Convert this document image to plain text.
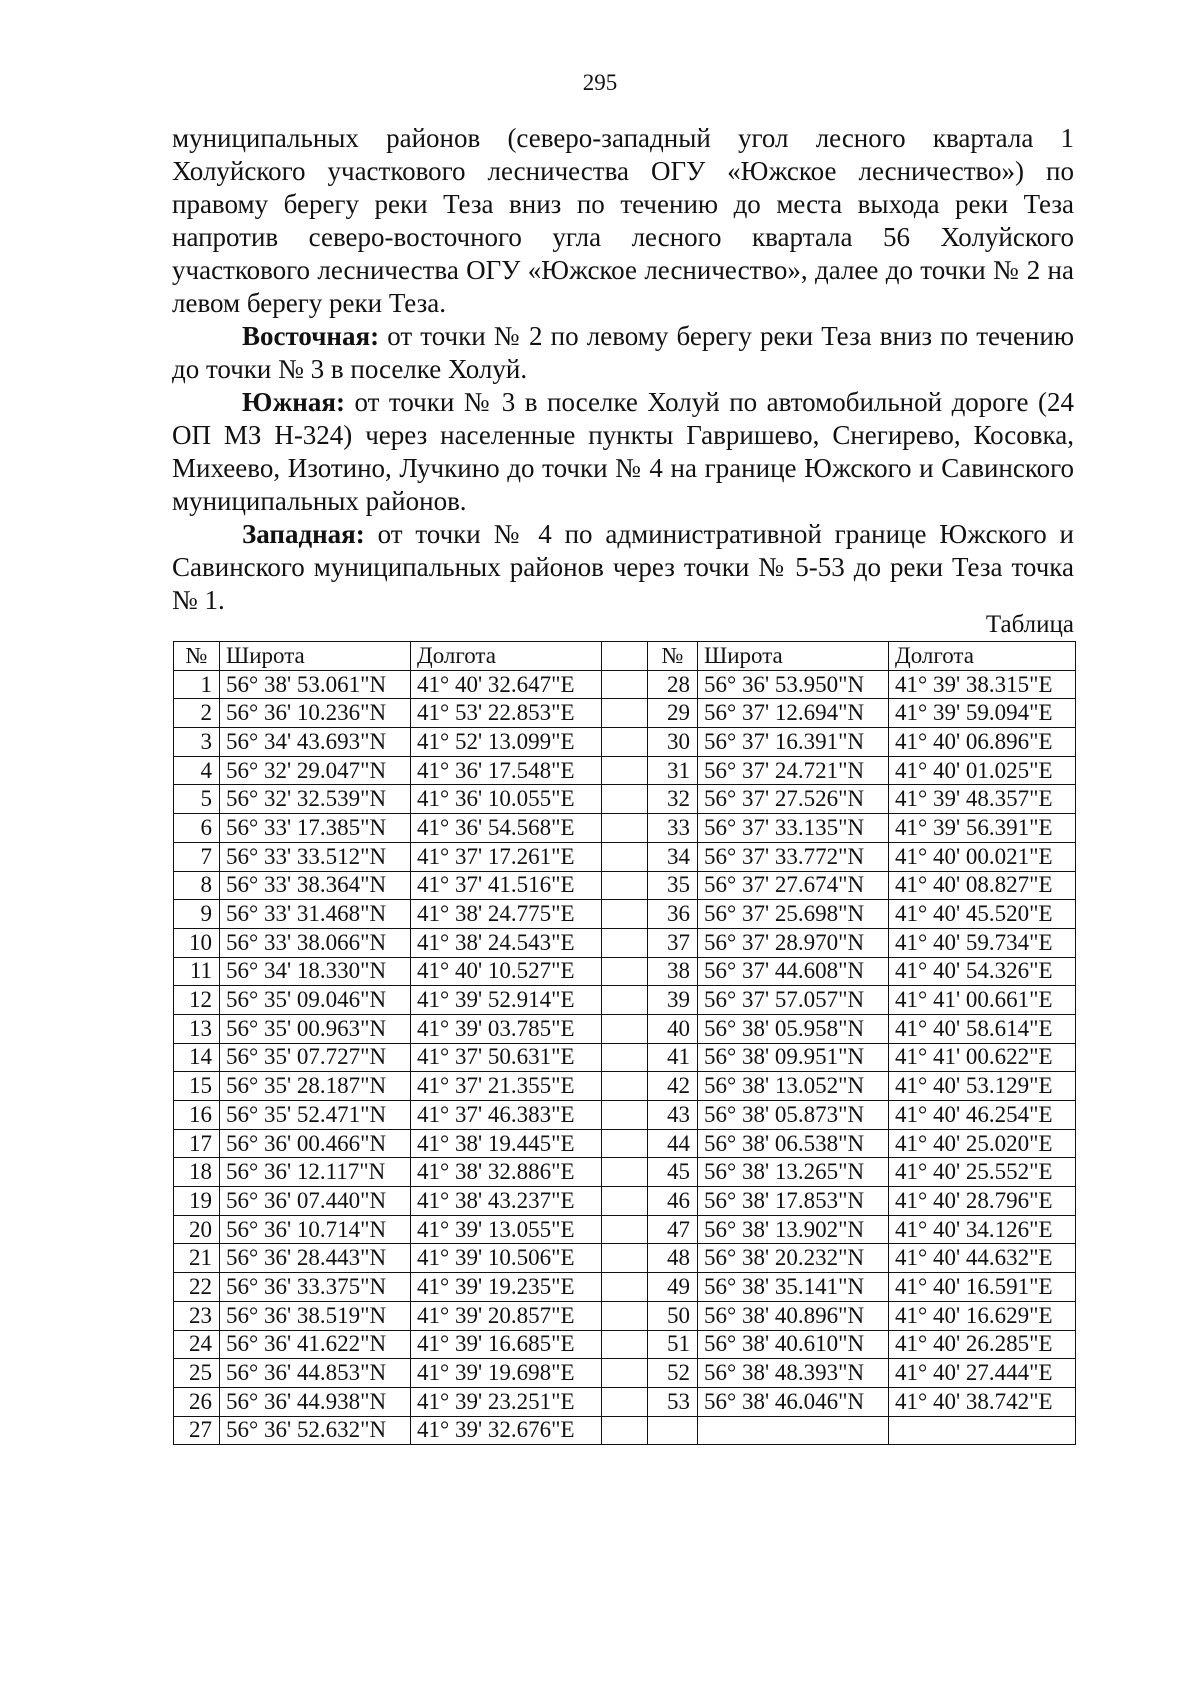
295

муниципальных районов (северо-западный угол лесного квартала 1 Холуйского участкового лесничества ОГУ «Южское лесничество») по правому берегу реки Теза вниз по течению до места выхода реки Теза напротив северо-восточного угла лесного квартала 56 Холуйского участкового лесничества ОГУ «Южское лесничество», далее до точки № 2 на левом берегу реки Теза.

Восточная: от точки № 2 по левому берегу реки Теза вниз по течению до точки № 3 в поселке Холуй.

Южная: от точки № 3 в поселке Холуй по автомобильной дороге (24 ОП МЗ Н-324) через населенные пункты Гавришево, Снегирево, Косовка, Михеево, Изотино, Лучкино до точки № 4 на границе Южского и Савинского муниципальных районов.

Западная: от точки № 4 по административной границе Южского и Савинского муниципальных районов через точки № 5-53 до реки Теза точка № 1.

Таблица
№	Широта	Долгота		№	Широта	Долгота
1	56° 38' 53.061"N	41° 40' 32.647"E		28	56° 36' 53.950"N	41° 39' 38.315"E
2	56° 36' 10.236"N	41° 53' 22.853"E		29	56° 37' 12.694"N	41° 39' 59.094"E
3	56° 34' 43.693"N	41° 52' 13.099"E		30	56° 37' 16.391"N	41° 40' 06.896"E
4	56° 32' 29.047"N	41° 36' 17.548"E		31	56° 37' 24.721"N	41° 40' 01.025"E
5	56° 32' 32.539"N	41° 36' 10.055"E		32	56° 37' 27.526"N	41° 39' 48.357"E
6	56° 33' 17.385"N	41° 36' 54.568"E		33	56° 37' 33.135"N	41° 39' 56.391"E
7	56° 33' 33.512"N	41° 37' 17.261"E		34	56° 37' 33.772"N	41° 40' 00.021"E
8	56° 33' 38.364"N	41° 37' 41.516"E		35	56° 37' 27.674"N	41° 40' 08.827"E
9	56° 33' 31.468"N	41° 38' 24.775"E		36	56° 37' 25.698"N	41° 40' 45.520"E
10	56° 33' 38.066"N	41° 38' 24.543"E		37	56° 37' 28.970"N	41° 40' 59.734"E
11	56° 34' 18.330"N	41° 40' 10.527"E		38	56° 37' 44.608"N	41° 40' 54.326"E
12	56° 35' 09.046"N	41° 39' 52.914"E		39	56° 37' 57.057"N	41° 41' 00.661"E
13	56° 35' 00.963"N	41° 39' 03.785"E		40	56° 38' 05.958"N	41° 40' 58.614"E
14	56° 35' 07.727"N	41° 37' 50.631"E		41	56° 38' 09.951"N	41° 41' 00.622"E
15	56° 35' 28.187"N	41° 37' 21.355"E		42	56° 38' 13.052"N	41° 40' 53.129"E
16	56° 35' 52.471"N	41° 37' 46.383"E		43	56° 38' 05.873"N	41° 40' 46.254"E
17	56° 36' 00.466"N	41° 38' 19.445"E		44	56° 38' 06.538"N	41° 40' 25.020"E
18	56° 36' 12.117"N	41° 38' 32.886"E		45	56° 38' 13.265"N	41° 40' 25.552"E
19	56° 36' 07.440"N	41° 38' 43.237"E		46	56° 38' 17.853"N	41° 40' 28.796"E
20	56° 36' 10.714"N	41° 39' 13.055"E		47	56° 38' 13.902"N	41° 40' 34.126"E
21	56° 36' 28.443"N	41° 39' 10.506"E		48	56° 38' 20.232"N	41° 40' 44.632"E
22	56° 36' 33.375"N	41° 39' 19.235"E		49	56° 38' 35.141"N	41° 40' 16.591"E
23	56° 36' 38.519"N	41° 39' 20.857"E		50	56° 38' 40.896"N	41° 40' 16.629"E
24	56° 36' 41.622"N	41° 39' 16.685"E		51	56° 38' 40.610"N	41° 40' 26.285"E
25	56° 36' 44.853"N	41° 39' 19.698"E		52	56° 38' 48.393"N	41° 40' 27.444"E
26	56° 36' 44.938"N	41° 39' 23.251"E		53	56° 38' 46.046"N	41° 40' 38.742"E
27	56° 36' 52.632"N	41° 39' 32.676"E				
